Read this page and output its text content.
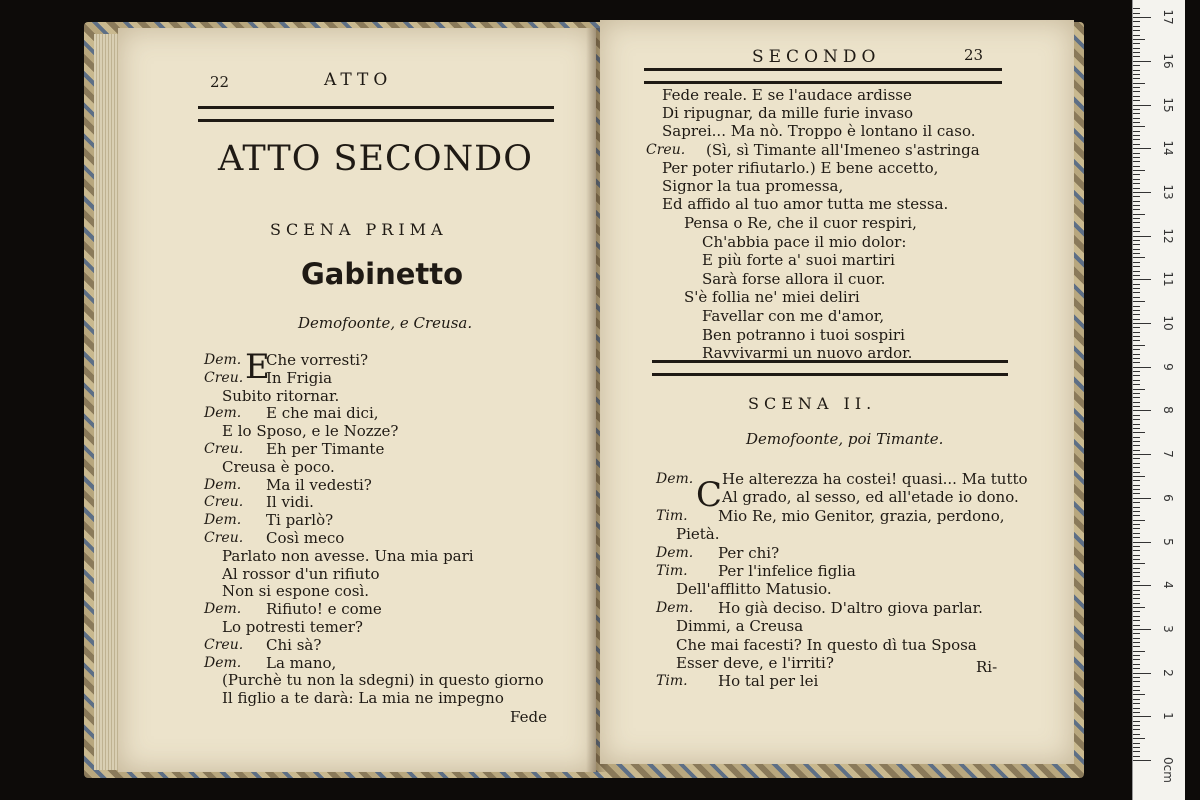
22	ATTO
ATTO SECONDO
SCENA PRIMA
Gabinetto
Demofoonte, e Creusa.
E
Dem. Che vorresti?
Creu. In Frigia
Subito ritornar.
Dem. E che mai dici,
E lo Sposo, e le Nozze?
Creu. Eh per Timante
Creusa è poco.
Dem. Ma il vedesti?
Creu. Il vidi.
Dem. Ti parlò?
Creu. Così meco
Parlato non avesse. Una mia pari
Al rossor d'un rifiuto
Non si espone così.
Dem. Rifiuto! e come
Lo potresti temer?
Creu. Chi sà?
Dem. La mano,
(Purchè tu non la sdegni) in questo giorno
Il figlio a te darà: La mia ne impegno
Fede
SECONDO	23
Fede reale. E se l'audace ardisse
Di ripugnar, da mille furie invaso
Saprei... Ma nò. Troppo è lontano il caso.
Creu. (Sì, sì Timante all'Imeneo s'astringa
Per poter rifiutarlo.) E bene accetto,
Signor la tua promessa,
Ed affido al tuo amor tutta me stessa.
Pensa o Re, che il cuor respiri,
Ch'abbia pace il mio dolor:
E più forte a' suoi martiri
Sarà forse allora il cuor.
S'è follia ne' miei deliri
Favellar con me d'amor,
Ben potranno i tuoi sospiri
Ravvivarmi un nuovo ardor.
SCENA II.
Demofoonte, poi Timante.
C
Dem. He alterezza ha costei! quasi... Ma tutto
Al grado, al sesso, ed all'etade io dono.
Tim. Mio Re, mio Genitor, grazia, perdono,
Pietà.
Dem. Per chi?
Tim. Per l'infelice figlia
Dell'afflitto Matusio.
Dem. Ho già deciso. D'altro giova parlar.
Dimmi, a Creusa
Che mai facesti? In questo dì tua Sposa
Esser deve, e l'irriti?
Tim. Ho tal per lei
Ri-
0cm
1
2
3
4
5
6
7
8
9
10
11
12
13
14
15
16
17
